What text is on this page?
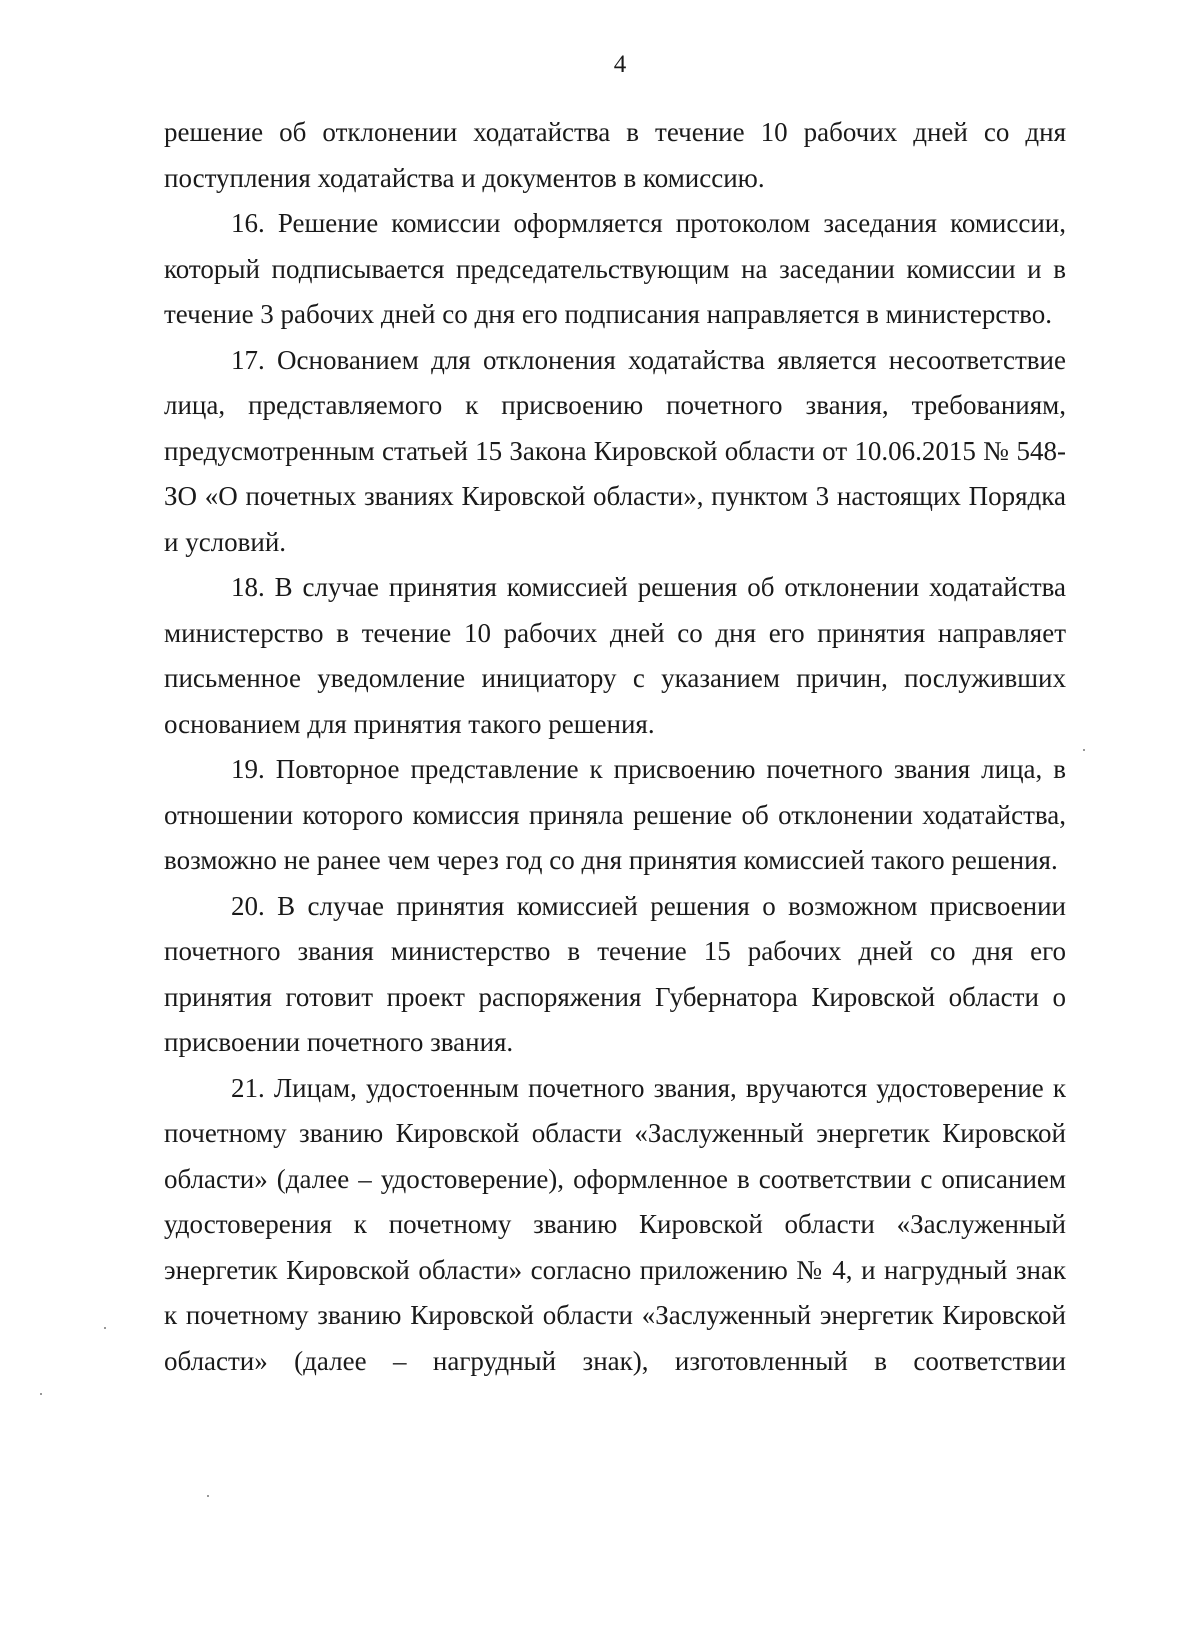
4

решение об отклонении ходатайства в течение 10 рабочих дней со дня поступления ходатайства и документов в комиссию.

16. Решение комиссии оформляется протоколом заседания комиссии, который подписывается председательствующим на заседании комиссии и в течение 3 рабочих дней со дня его подписания направляется в министерство.

17. Основанием для отклонения ходатайства является несоответствие лица, представляемого к присвоению почетного звания, требованиям, предусмотренным статьей 15 Закона Кировской области от 10.06.2015 № 548-ЗО «О почетных званиях Кировской области», пунктом 3 настоящих Порядка и условий.

18. В случае принятия комиссией решения об отклонении ходатайства министерство в течение 10 рабочих дней со дня его принятия направляет письменное уведомление инициатору с указанием причин, послуживших основанием для принятия такого решения.

19. Повторное представление к присвоению почетного звания лица, в отношении которого комиссия приняла решение об отклонении ходатайства, возможно не ранее чем через год со дня принятия комиссией такого решения.

20. В случае принятия комиссией решения о возможном присвоении почетного звания министерство в течение 15 рабочих дней со дня его принятия готовит проект распоряжения Губернатора Кировской области о присвоении почетного звания.

21. Лицам, удостоенным почетного звания, вручаются удостоверение к почетному званию Кировской области «Заслуженный энергетик Кировской области» (далее – удостоверение), оформленное в соответствии с описанием удостоверения к почетному званию Кировской области «Заслуженный энергетик Кировской области» согласно приложению № 4, и нагрудный знак к почетному званию Кировской области «Заслуженный энергетик Кировской области» (далее – нагрудный знак), изготовленный в соответствии
